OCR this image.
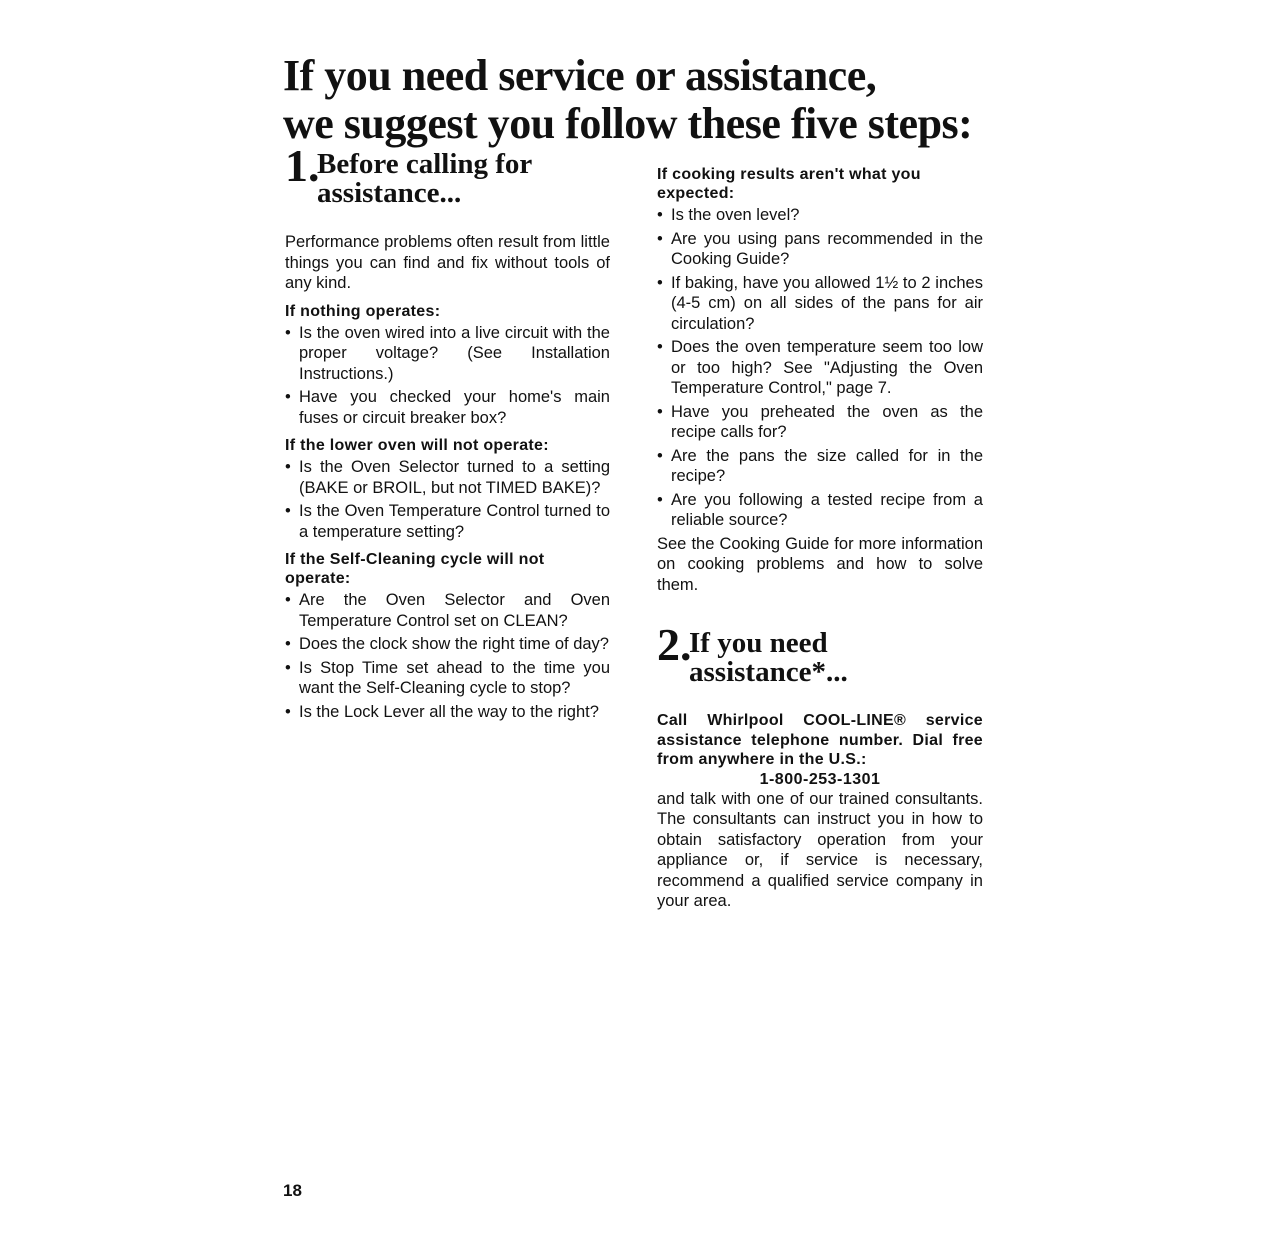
If you need service or assistance,
we suggest you follow these five steps:
1.
Before calling for
assistance...

Performance problems often result from little things you can find and fix without tools of any kind.

If nothing operates:
• Is the oven wired into a live circuit with the proper voltage? (See Installation Instructions.)
• Have you checked your home's main fuses or circuit breaker box?
If the lower oven will not operate:
• Is the Oven Selector turned to a setting (BAKE or BROIL, but not TIMED BAKE)?
• Is the Oven Temperature Control turned to a temperature setting?
If the Self-Cleaning cycle will not operate:
• Are the Oven Selector and Oven Temperature Control set on CLEAN?
• Does the clock show the right time of day?
• Is Stop Time set ahead to the time you want the Self-Cleaning cycle to stop?
• Is the Lock Lever all the way to the right?
If cooking results aren't what you expected:
• Is the oven level?
• Are you using pans recommended in the Cooking Guide?
• If baking, have you allowed 1½ to 2 inches (4-5 cm) on all sides of the pans for air circulation?
• Does the oven temperature seem too low or too high? See "Adjusting the Oven Temperature Control," page 7.
• Have you preheated the oven as the recipe calls for?
• Are the pans the size called for in the recipe?
• Are you following a tested recipe from a reliable source?

See the Cooking Guide for more information on cooking problems and how to solve them.

2.
If you need
assistance*...

Call Whirlpool COOL-LINE® service assistance telephone number. Dial free from anywhere in the U.S.:

1-800-253-1301

and talk with one of our trained consultants. The consultants can instruct you in how to obtain satisfactory operation from your appliance or, if service is necessary, recommend a qualified service company in your area.

18
